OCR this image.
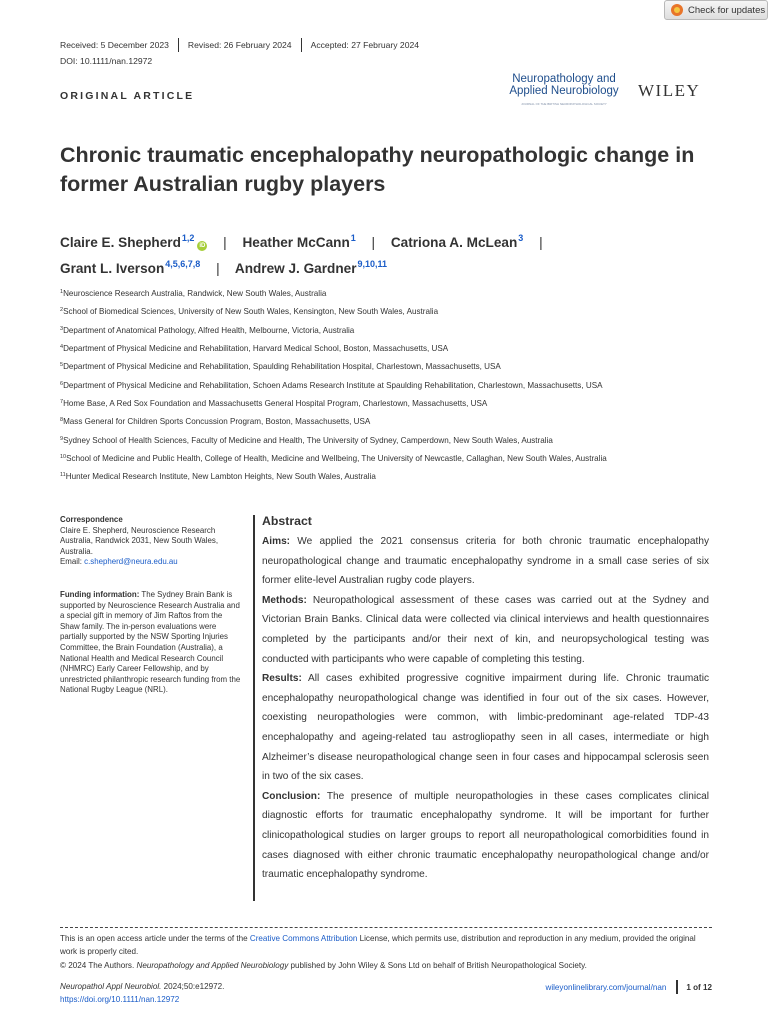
Check for updates
Received: 5 December 2023 Revised: 26 February 2024 Accepted: 27 February 2024
DOI: 10.1111/nan.12972
ORIGINAL ARTICLE
Neuropathology and
Applied Neurobiology
JOURNAL OF THE BRITISH NEUROPATHOLOGICAL SOCIETY
WILEY
Chronic traumatic encephalopathy neuropathologic change in former Australian rugby players
Claire E. Shepherd$^{1,2}$iD | Heather McCann$^1$ | Catriona A. McLean$^3$ |
Grant L. Iverson$^{4,5,6,7,8}$ | Andrew J. Gardner$^{9,10,11}$
$^1$Neuroscience Research Australia, Randwick, New South Wales, Australia
$^2$School of Biomedical Sciences, University of New South Wales, Kensington, New South Wales, Australia
$^3$Department of Anatomical Pathology, Alfred Health, Melbourne, Victoria, Australia
$^4$Department of Physical Medicine and Rehabilitation, Harvard Medical School, Boston, Massachusetts, USA
$^5$Department of Physical Medicine and Rehabilitation, Spaulding Rehabilitation Hospital, Charlestown, Massachusetts, USA
$^6$Department of Physical Medicine and Rehabilitation, Schoen Adams Research Institute at Spaulding Rehabilitation, Charlestown, Massachusetts, USA
$^7$Home Base, A Red Sox Foundation and Massachusetts General Hospital Program, Charlestown, Massachusetts, USA
$^8$Mass General for Children Sports Concussion Program, Boston, Massachusetts, USA
$^9$Sydney School of Health Sciences, Faculty of Medicine and Health, The University of Sydney, Camperdown, New South Wales, Australia
$^{10}$School of Medicine and Public Health, College of Health, Medicine and Wellbeing, The University of Newcastle, Callaghan, New South Wales, Australia
$^{11}$Hunter Medical Research Institute, New Lambton Heights, New South Wales, Australia
Correspondence
Claire E. Shepherd, Neuroscience Research Australia, Randwick 2031, New South Wales, Australia.
Email: c.shepherd@neura.edu.au
Funding information: The Sydney Brain Bank is supported by Neuroscience Research Australia and a special gift in memory of Jim Raftos from the Shaw family. The in-person evaluations were partially supported by the NSW Sporting Injuries Committee, the Brain Foundation (Australia), a National Health and Medical Research Council (NHMRC) Early Career Fellowship, and by unrestricted philanthropic research funding from the National Rugby League (NRL).
Abstract

Aims: We applied the 2021 consensus criteria for both chronic traumatic encephalopathy neuropathological change and traumatic encephalopathy syndrome in a small case series of six former elite-level Australian rugby code players.

Methods: Neuropathological assessment of these cases was carried out at the Sydney and Victorian Brain Banks. Clinical data were collected via clinical interviews and health questionnaires completed by the participants and/or their next of kin, and neuropsychological testing was conducted with participants who were capable of completing this testing.

Results: All cases exhibited progressive cognitive impairment during life. Chronic traumatic encephalopathy neuropathological change was identified in four out of the six cases. However, coexisting neuropathologies were common, with limbic-predominant age-related TDP-43 encephalopathy and ageing-related tau astrogliopathy seen in all cases, intermediate or high Alzheimer’s disease neuropathological change seen in four cases and hippocampal sclerosis seen in two of the six cases.

Conclusion: The presence of multiple neuropathologies in these cases complicates clinical diagnostic efforts for traumatic encephalopathy syndrome. It will be important for further clinicopathological studies on larger groups to report all neuropathological comorbidities found in cases diagnosed with either chronic traumatic encephalopathy neuropathological change and/or traumatic encephalopathy syndrome.

This is an open access article under the terms of the Creative Commons Attribution License, which permits use, distribution and reproduction in any medium, provided the original work is properly cited.
© 2024 The Authors. Neuropathology and Applied Neurobiology published by John Wiley & Sons Ltd on behalf of British Neuropathological Society.
Neuropathol Appl Neurobiol. 2024;50:e12972.
https://doi.org/10.1111/nan.12972
wileyonlinelibrary.com/journal/nan 1 of 12
